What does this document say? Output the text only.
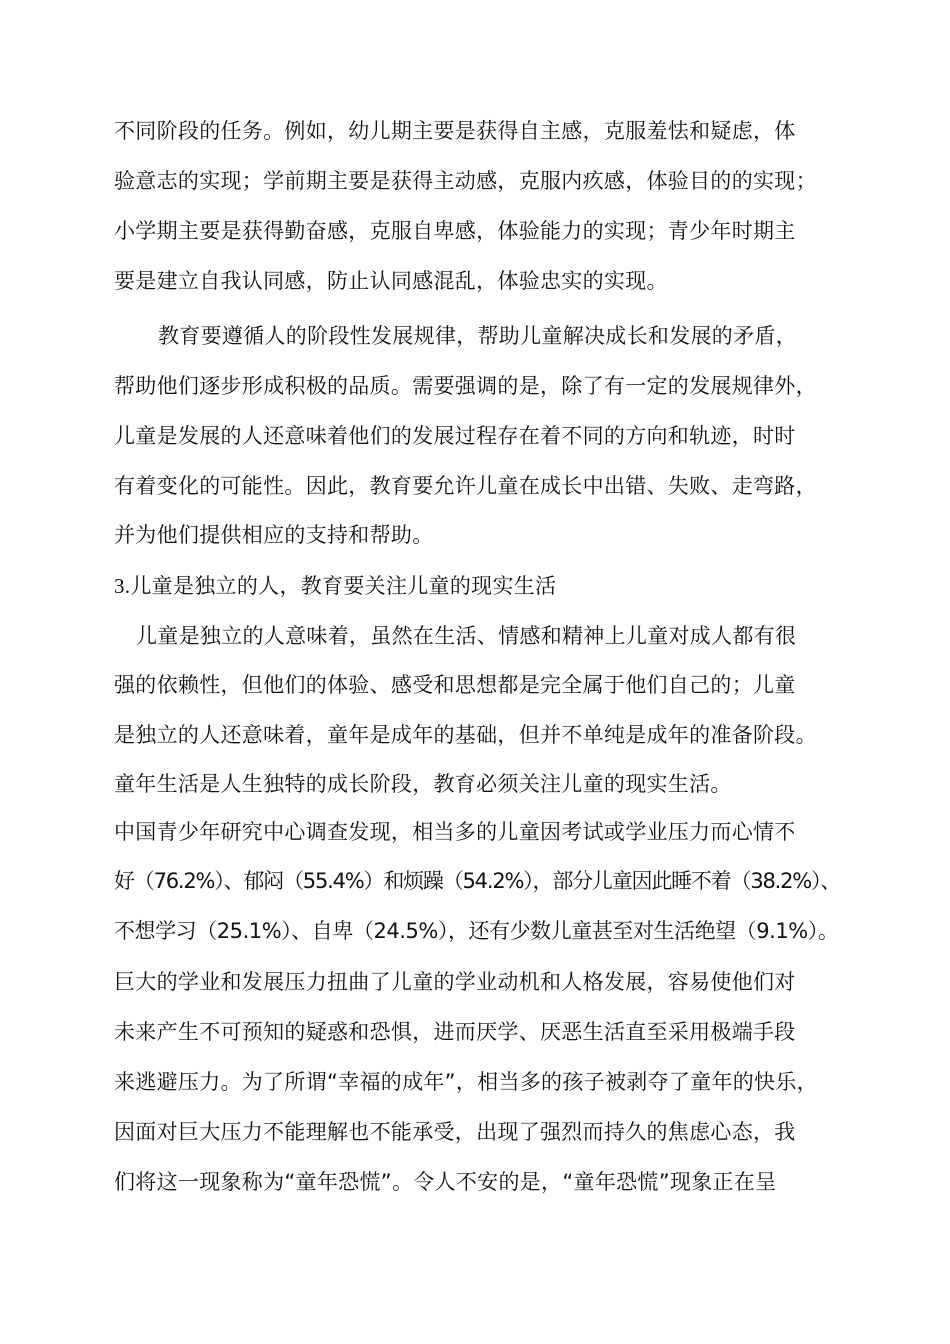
不同阶段的任务。例如，幼儿期主要是获得自主感，克服羞怯和疑虑，体
验意志的实现；学前期主要是获得主动感，克服内疚感，体验目的的实现；
小学期主要是获得勤奋感，克服自卑感，体验能力的实现；青少年时期主
要是建立自我认同感，防止认同感混乱，体验忠实的实现。
教育要遵循人的阶段性发展规律，帮助儿童解决成长和发展的矛盾，
帮助他们逐步形成积极的品质。需要强调的是，除了有一定的发展规律外，
儿童是发展的人还意味着他们的发展过程存在着不同的方向和轨迹，时时
有着变化的可能性。因此，教育要允许儿童在成长中出错、失败、走弯路，
并为他们提供相应的支持和帮助。
3.儿童是独立的人，教育要关注儿童的现实生活
儿童是独立的人意味着，虽然在生活、情感和精神上儿童对成人都有很
强的依赖性，但他们的体验、感受和思想都是完全属于他们自己的；儿童
是独立的人还意味着，童年是成年的基础，但并不单纯是成年的准备阶段。
童年生活是人生独特的成长阶段，教育必须关注儿童的现实生活。
中国青少年研究中心调查发现，相当多的儿童因考试或学业压力而心情不
好（76.2%）、郁闷（55.4%）和烦躁（54.2%），部分儿童因此睡不着（38.2%）、
不想学习（25.1%）、自卑（24.5%），还有少数儿童甚至对生活绝望（9.1%）。
巨大的学业和发展压力扭曲了儿童的学业动机和人格发展，容易使他们对
未来产生不可预知的疑惑和恐惧，进而厌学、厌恶生活直至采用极端手段
来逃避压力。为了所谓“幸福的成年”，相当多的孩子被剥夺了童年的快乐，
因面对巨大压力不能理解也不能承受，出现了强烈而持久的焦虑心态，我
们将这一现象称为“童年恐慌”。令人不安的是，“童年恐慌”现象正在呈
